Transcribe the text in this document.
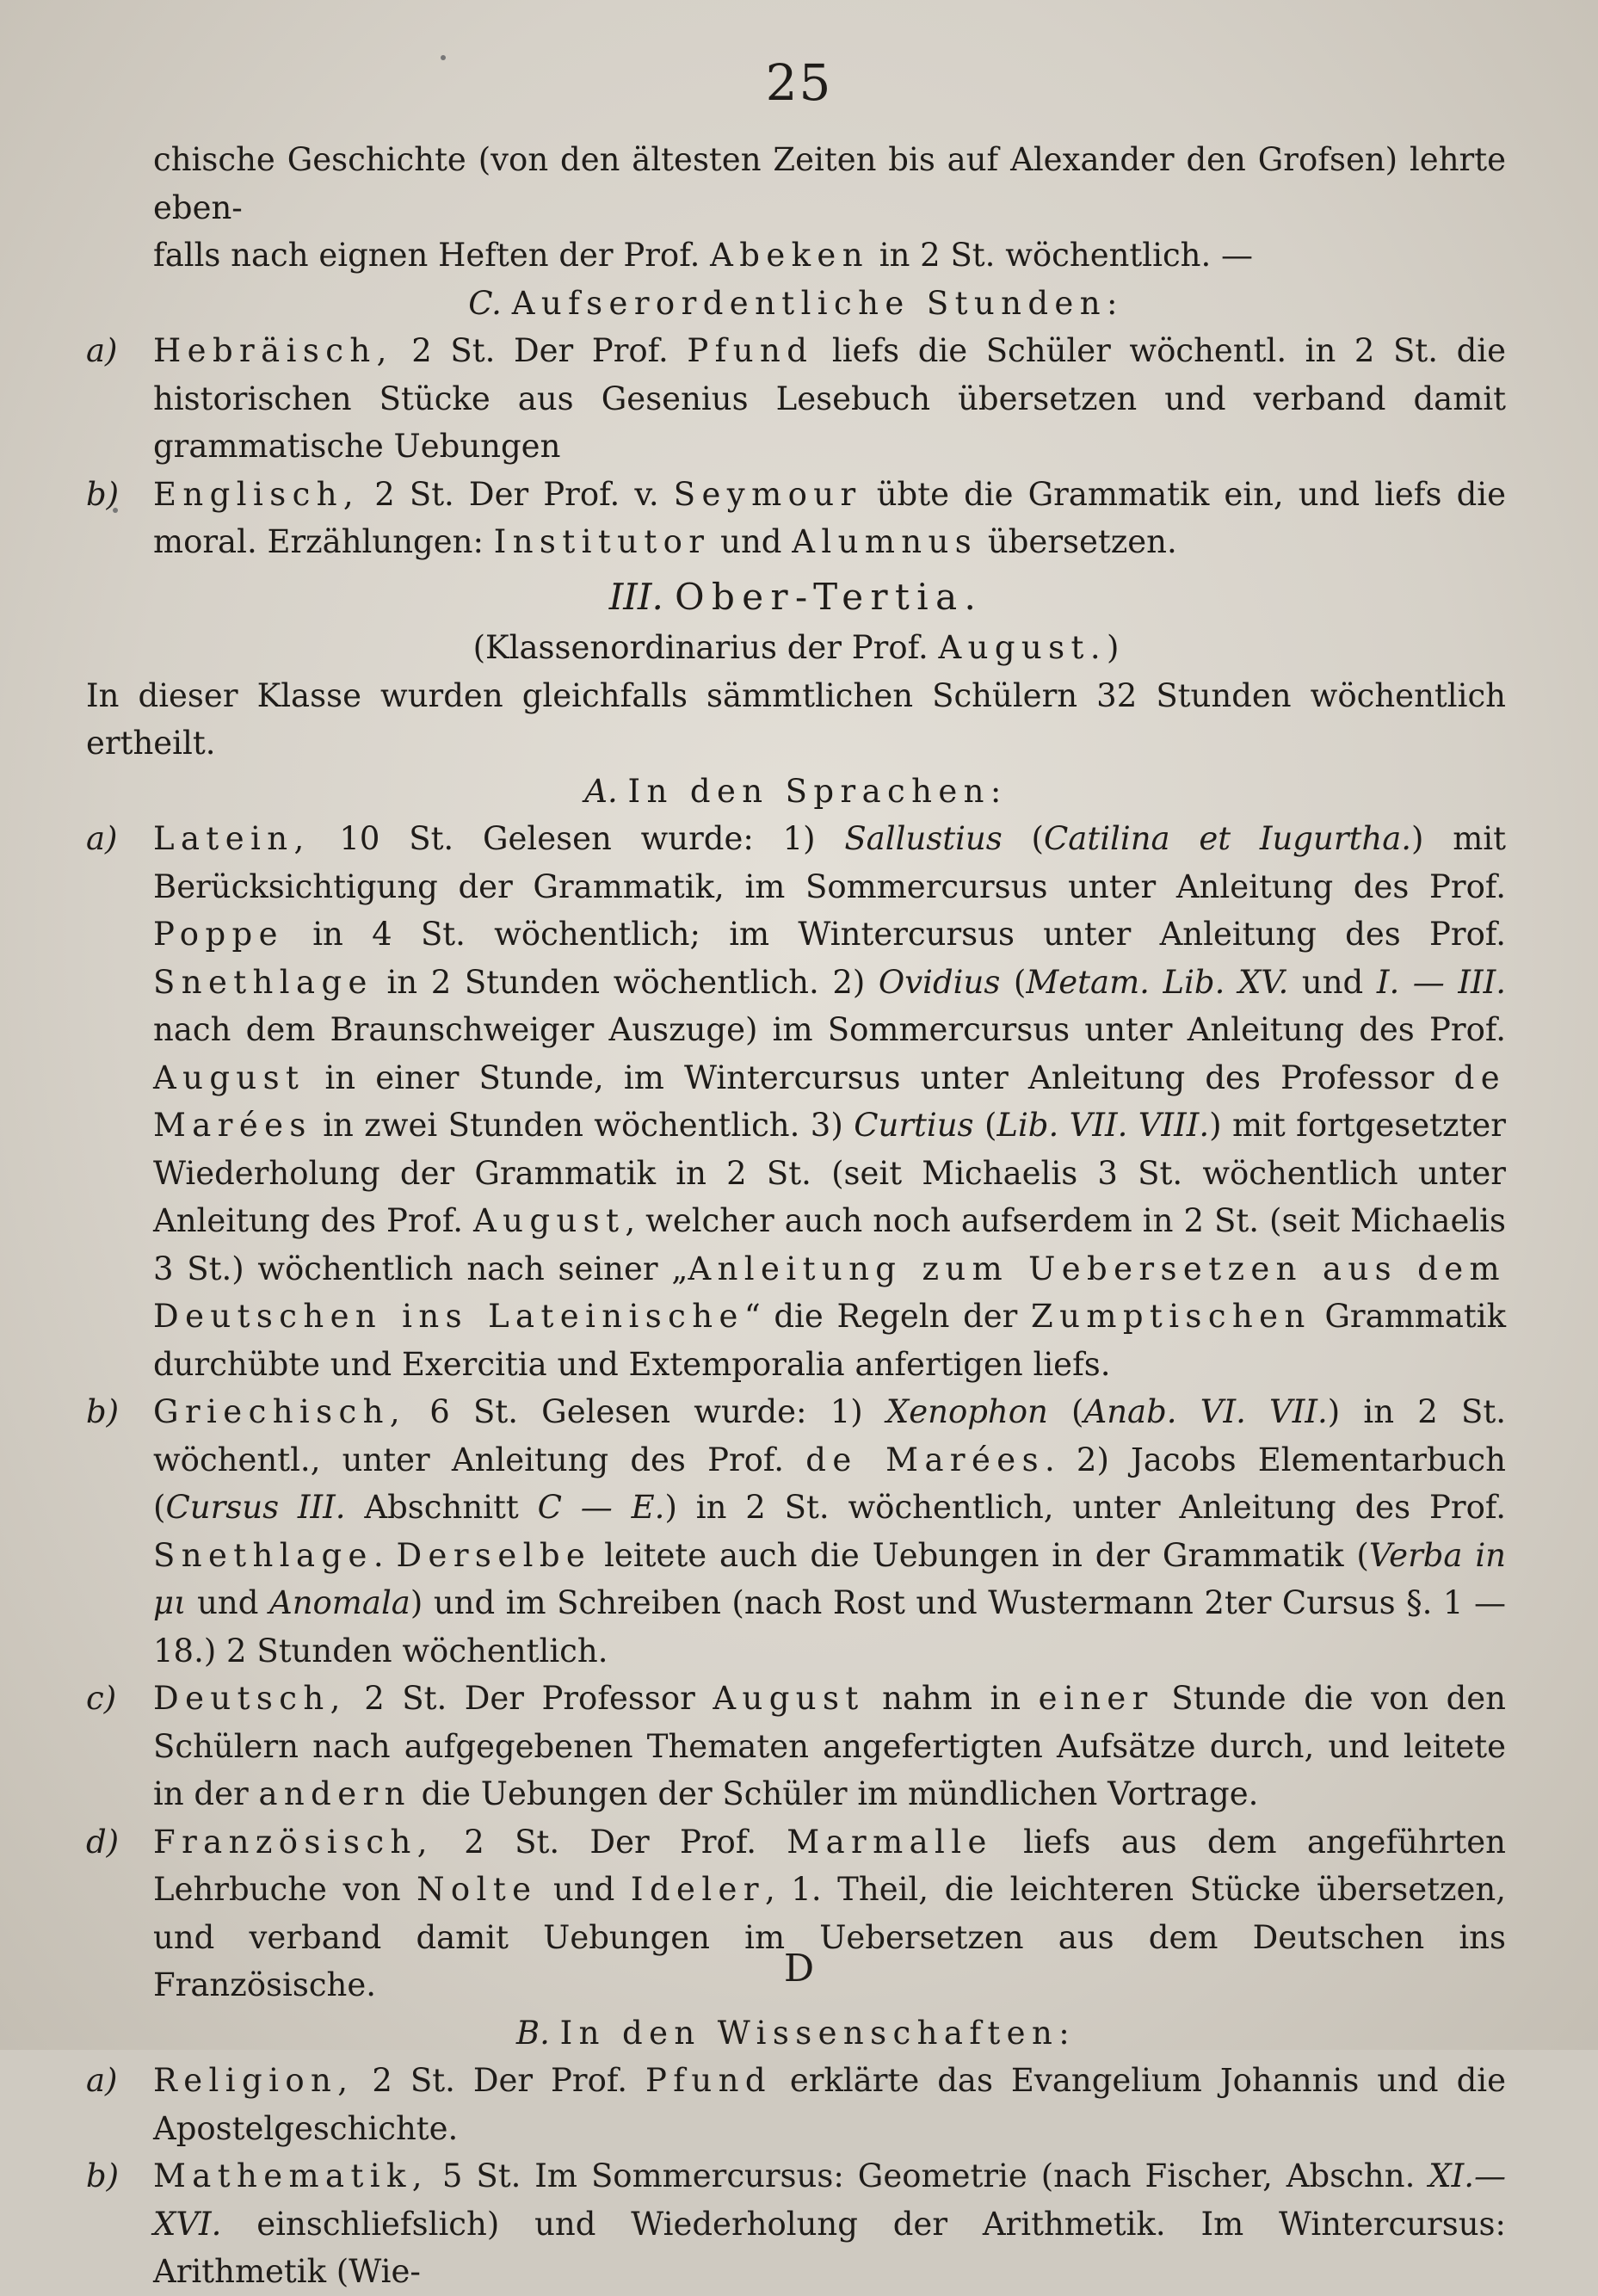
25

chische Geschichte (von den ältesten Zeiten bis auf Alexander den Grofsen) lehrte eben-
falls nach eignen Heften der Prof. Abeken in 2 St. wöchentlich. —

C. Aufserordentliche Stunden:

a)	Hebräisch, 2 St. Der Prof. Pfund liefs die Schüler wöchentl. in 2 St. die historischen Stücke aus Gesenius Lesebuch übersetzen und verband damit grammatische Uebungen

b)	Englisch, 2 St. Der Prof. v. Seymour übte die Grammatik ein, und liefs die moral. Erzählungen: Institutor und Alumnus übersetzen.

III. Ober-Tertia.

(Klassenordinarius der Prof. August.)

In dieser Klasse wurden gleichfalls sämmtlichen Schülern 32 Stunden wöchentlich ertheilt.

A. In den Sprachen:

a)	Latein, 10 St. Gelesen wurde: 1) Sallustius (Catilina et Iugurtha.) mit Berücksichtigung der Grammatik, im Sommercursus unter Anleitung des Prof. Poppe in 4 St. wöchentlich; im Wintercursus unter Anleitung des Prof. Snethlage in 2 Stunden wöchentlich. 2) Ovidius (Metam. Lib. XV. und I. — III. nach dem Braunschweiger Auszuge) im Sommercursus unter Anleitung des Prof. August in einer Stunde, im Wintercursus unter Anleitung des Professor de Marées in zwei Stunden wöchentlich. 3) Curtius (Lib. VII. VIII.) mit fortgesetzter Wiederholung der Grammatik in 2 St. (seit Michaelis 3 St. wöchentlich unter Anleitung des Prof. August, welcher auch noch aufserdem in 2 St. (seit Michaelis 3 St.) wöchentlich nach seiner „Anleitung zum Uebersetzen aus dem Deutschen ins Lateinische“ die Regeln der Zumptischen Grammatik durchübte und Exercitia und Extemporalia anfertigen liefs.

b)	Griechisch, 6 St. Gelesen wurde: 1) Xenophon (Anab. VI. VII.) in 2 St. wöchentl., unter Anleitung des Prof. de Marées. 2) Jacobs Elementarbuch (Cursus III. Abschnitt C — E.) in 2 St. wöchentlich, unter Anleitung des Prof. Snethlage. Derselbe leitete auch die Uebungen in der Grammatik (Verba in μι und Anomala) und im Schreiben (nach Rost und Wustermann 2ter Cursus §. 1 — 18.) 2 Stunden wöchentlich.

c)	Deutsch, 2 St. Der Professor August nahm in einer Stunde die von den Schülern nach aufgegebenen Thematen angefertigten Aufsätze durch, und leitete in der andern die Uebungen der Schüler im mündlichen Vortrage.

d)	Französisch, 2 St. Der Prof. Marmalle liefs aus dem angeführten Lehrbuche von Nolte und Ideler, 1. Theil, die leichteren Stücke übersetzen, und verband damit Uebungen im Uebersetzen aus dem Deutschen ins Französische.

B. In den Wissenschaften:

a)	Religion, 2 St. Der Prof. Pfund erklärte das Evangelium Johannis und die Apostelgeschichte.

b)	Mathematik, 5 St. Im Sommercursus: Geometrie (nach Fischer, Abschn. XI.—XVI. einschliefslich) und Wiederholung der Arithmetik. Im Wintercursus: Arithmetik (Wie-

D
